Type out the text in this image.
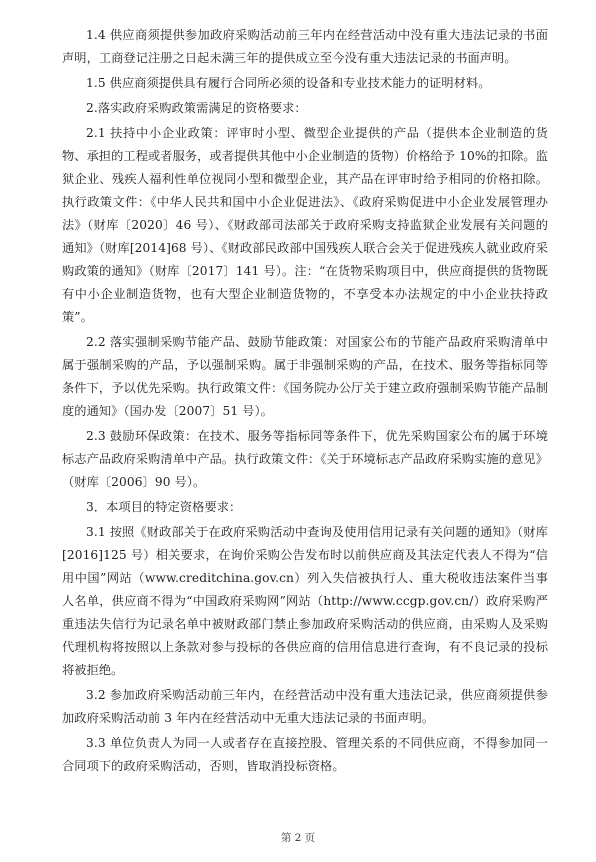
1.4 供应商须提供参加政府采购活动前三年内在经营活动中没有重大违法记录的书面声明，工商登记注册之日起未满三年的提供成立至今没有重大违法记录的书面声明。

1.5 供应商须提供具有履行合同所必须的设备和专业技术能力的证明材料。

2.落实政府采购政策需满足的资格要求：

2.1 扶持中小企业政策：评审时小型、微型企业提供的产品（提供本企业制造的货物、承担的工程或者服务，或者提供其他中小企业制造的货物）价格给予 10%的扣除。监狱企业、残疾人福利性单位视同小型和微型企业，其产品在评审时给予相同的价格扣除。执行政策文件：《中华人民共和国中小企业促进法》、《政府采购促进中小企业发展管理办法》（财库〔2020〕46 号）、《财政部司法部关于政府采购支持监狱企业发展有关问题的通知》（财库[2014]68 号）、《财政部民政部中国残疾人联合会关于促进残疾人就业政府采购政策的通知》（财库〔2017〕141 号）。注：“在货物采购项目中，供应商提供的货物既有中小企业制造货物，也有大型企业制造货物的，不享受本办法规定的中小企业扶持政策”。

2.2 落实强制采购节能产品、鼓励节能政策：对国家公布的节能产品政府采购清单中属于强制采购的产品，予以强制采购。属于非强制采购的产品，在技术、服务等指标同等条件下，予以优先采购。执行政策文件：《国务院办公厅关于建立政府强制采购节能产品制度的通知》（国办发〔2007〕51 号）。

2.3 鼓励环保政策：在技术、服务等指标同等条件下，优先采购国家公布的属于环境标志产品政府采购清单中产品。执行政策文件：《关于环境标志产品政府采购实施的意见》（财库〔2006〕90 号）。

3．本项目的特定资格要求：

3.1 按照《财政部关于在政府采购活动中查询及使用信用记录有关问题的通知》（财库[2016]125 号）相关要求，在询价采购公告发布时以前供应商及其法定代表人不得为“信用中国”网站（www.creditchina.gov.cn）列入失信被执行人、重大税收违法案件当事人名单，供应商不得为“中国政府采购网”网站（http://www.ccgp.gov.cn/）政府采购严重违法失信行为记录名单中被财政部门禁止参加政府采购活动的供应商，由采购人及采购代理机构将按照以上条款对参与投标的各供应商的信用信息进行查询，有不良记录的投标将被拒绝。

3.2 参加政府采购活动前三年内，在经营活动中没有重大违法记录，供应商须提供参加政府采购活动前 3 年内在经营活动中无重大违法记录的书面声明。

3.3 单位负责人为同一人或者存在直接控股、管理关系的不同供应商，不得参加同一合同项下的政府采购活动，否则，皆取消投标资格。

第 2 页
